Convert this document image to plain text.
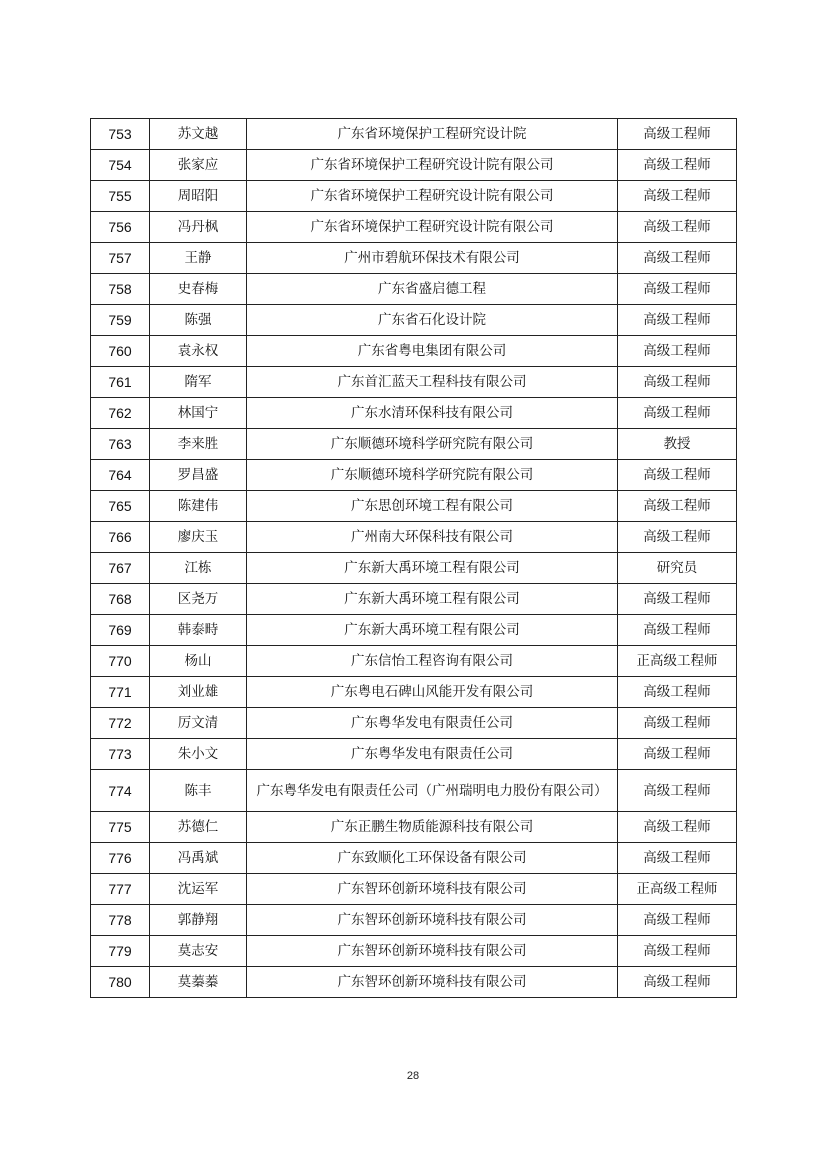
753	苏文越	广东省环境保护工程研究设计院	高级工程师
754	张家应	广东省环境保护工程研究设计院有限公司	高级工程师
755	周昭阳	广东省环境保护工程研究设计院有限公司	高级工程师
756	冯丹枫	广东省环境保护工程研究设计院有限公司	高级工程师
757	王静	广州市碧航环保技术有限公司	高级工程师
758	史春梅	广东省盛启德工程	高级工程师
759	陈强	广东省石化设计院	高级工程师
760	袁永权	广东省粤电集团有限公司	高级工程师
761	隋军	广东首汇蓝天工程科技有限公司	高级工程师
762	林国宁	广东水清环保科技有限公司	高级工程师
763	李来胜	广东顺德环境科学研究院有限公司	教授
764	罗昌盛	广东顺德环境科学研究院有限公司	高级工程师
765	陈建伟	广东思创环境工程有限公司	高级工程师
766	廖庆玉	广州南大环保科技有限公司	高级工程师
767	江栋	广东新大禹环境工程有限公司	研究员
768	区尧万	广东新大禹环境工程有限公司	高级工程师
769	韩泰畤	广东新大禹环境工程有限公司	高级工程师
770	杨山	广东信怡工程咨询有限公司	正高级工程师
771	刘业雄	广东粤电石碑山风能开发有限公司	高级工程师
772	厉文清	广东粤华发电有限责任公司	高级工程师
773	朱小文	广东粤华发电有限责任公司	高级工程师
774	陈丰	广东粤华发电有限责任公司（广州瑞明电力股份有限公司）	高级工程师
775	苏德仁	广东正鹏生物质能源科技有限公司	高级工程师
776	冯禹斌	广东致顺化工环保设备有限公司	高级工程师
777	沈运军	广东智环创新环境科技有限公司	正高级工程师
778	郭静翔	广东智环创新环境科技有限公司	高级工程师
779	莫志安	广东智环创新环境科技有限公司	高级工程师
780	莫蓁蓁	广东智环创新环境科技有限公司	高级工程师
28
